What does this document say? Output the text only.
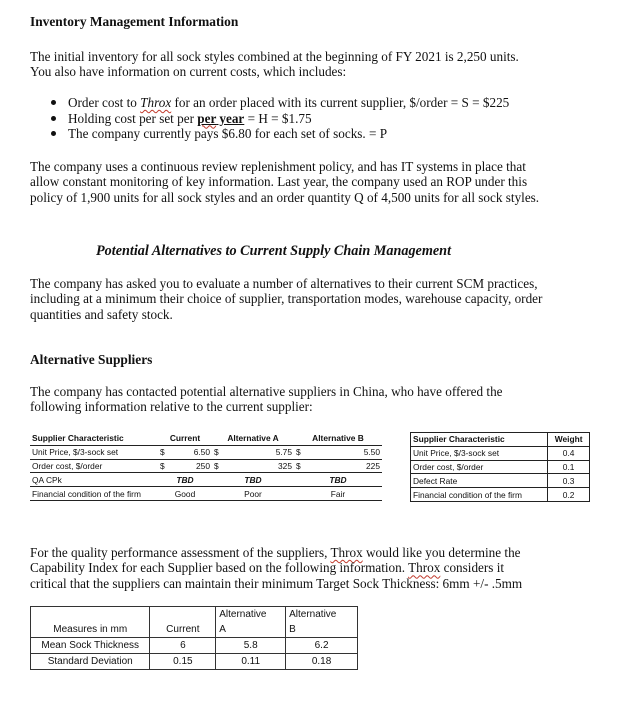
Inventory Management Information
The initial inventory for all sock styles combined at the beginning of FY 2021 is 2,250 units.
You also have information on current costs, which includes:
Order cost to Throx for an order placed with its current supplier, $/order = S = $225
Holding cost per set per per year = H = $1.75
The company currently pays $6.80 for each set of socks. = P
The company uses a continuous review replenishment policy, and has IT systems in place that
allow constant monitoring of key information. Last year, the company used an ROP under this
policy of 1,900 units for all sock styles and an order quantity Q of 4,500 units for all sock styles.
Potential Alternatives to Current Supply Chain Management
The company has asked you to evaluate a number of alternatives to their current SCM practices,
including at a minimum their choice of supplier, transportation modes, warehouse capacity, order
quantities and safety stock.
Alternative Suppliers
The company has contacted potential alternative suppliers in China, who have offered the
following information relative to the current supplier:
Supplier Characteristic	Current		Alternative A		Alternative B	
Unit Price, $/3-sock set	$	6.50	$	5.75	$	5.50
Order cost, $/order	$	250	$	325	$	225
QA CPk	TBD		TBD		TBD	
Financial condition of the firm	Good		Poor		Fair	
Supplier Characteristic	Weight
Unit Price, $/3-sock set	0.4
Order cost, $/order	0.1
Defect Rate	0.3
Financial condition of the firm	0.2
For the quality performance assessment of the suppliers, Throx would like you determine the
Capability Index for each Supplier based on the following information. Throx considers it
critical that the suppliers can maintain their minimum Target Sock Thickness: 6mm +/- .5mm
Measures in mm	Current	Alternative	Alternative
		A	B
Mean Sock Thickness	6	5.8	6.2
Standard Deviation	0.15	0.11	0.18
